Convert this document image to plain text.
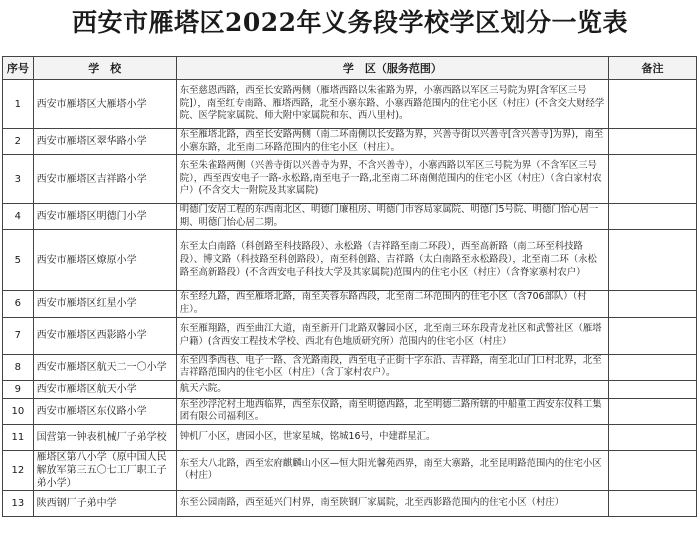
西安市雁塔区2022年义务段学校学区划分一览表
序号	学　校	学　区（服务范围）	备注
1	西安市雁塔区大雁塔小学	东至慈恩西路，西至长安路两侧（雁塔西路以朱雀路为界，小寨西路以军区三号院为界[含军区三号院]），南至红专南路、雁塔西路，北至小寨东路、小寨西路范围内的住宅小区（村庄）(不含交大财经学院、医学院家属院、师大附中家属院和东、西八里村)。	
2	西安市雁塔区翠华路小学	东至雁塔北路，西至长安路两侧（南二环南侧以长安路为界，兴善寺街以兴善寺[含兴善寺]为界)，南至小寨东路，北至南二环路范围内的住宅小区（村庄）。	
3	西安市雁塔区吉祥路小学	东至朱雀路两侧（兴善寺街以兴善寺为界，不含兴善寺），小寨西路以军区三号院为界（不含军区三号院），西至西安电子一路-永松路,南至电子一路,北至南二环南侧范围内的住宅小区（村庄）（含白家村农户）(不含交大一附院及其家属院)	
4	西安市雁塔区明德门小学	明德门安居工程的东西南北区、明德门廉租房、明德门市容局家属院、明德门5号院、明德门怡心居一期、明德门怡心居二期。	
5	西安市雁塔区燎原小学	东至太白南路（科创路至科技路段）、永松路（吉祥路至南二环段），西至高新路（南二环至科技路段）、博文路（科技路至科创路段），南至科创路、吉祥路（太白南路至永松路段），北至南二环（永松路至高新路段）(不含西安电子科技大学及其家属院)范围内的住宅小区（村庄）（含脊家寨村农户）	
6	西安市雁塔区红星小学	东至经九路，西至雁塔北路，南至芙蓉东路西段，北至南二环范围内的住宅小区（含706部队）（村庄）。	
7	西安市雁塔区西影路小学	东至雁翔路，西至曲江大道，南至新开门北路双馨园小区，北至南三环东段青龙社区和武警社区（雁塔户籍）(含西安工程技术学校、西北有色地质研究所）范围内的住宅小区（村庄）	
8	西安市雁塔区航天二一〇小学	东至四季西巷、电子一路、含光路南段，西至电子正街十字东沿、吉祥路，南至北山门口村北界，北至吉祥路范围内的住宅小区（村庄）（含丁家村农户）。	
9	西安市雁塔区航天小学	航天六院。	
10	西安市雁塔区东仪路小学	东至沙浮沱村土地西临界，西至东仪路，南至明德西路，北至明德二路所辖的中船重工西安东仪科工集团有限公司福利区。	
11	国营第一钟表机械厂子弟学校	钟机厂小区，唐园小区，世家星城，铭城16号，中建群星汇。	
12	雁塔区第八小学（原中国人民解放军第三五〇七工厂职工子弟小学）	东至大八北路，西至宏府麒麟山小区—恒大阳光馨苑西界，南至大寨路，北至昆明路范围内的住宅小区（村庄）	
13	陕西钢厂子弟中学	东至公园南路，西至延兴门村界，南至陕钢厂家属院，北至西影路范围内的住宅小区（村庄）	
